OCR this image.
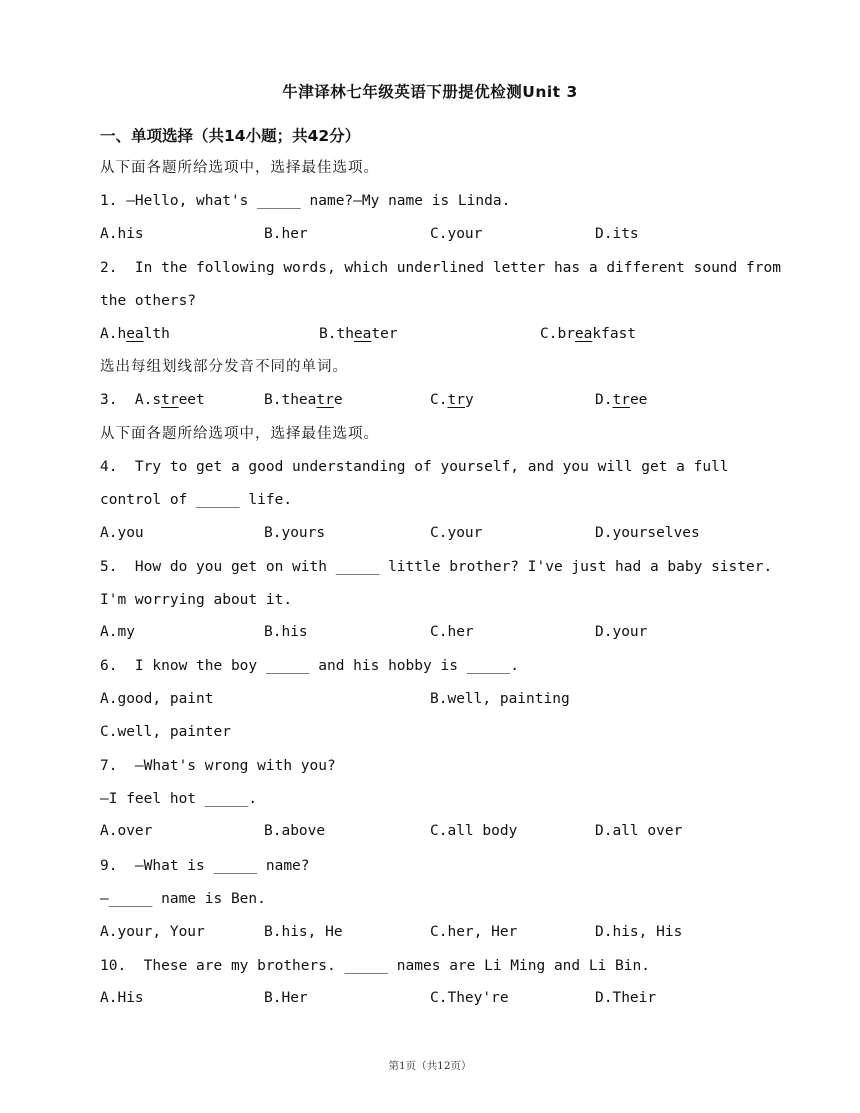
牛津译林七年级英语下册提优检测Unit 3
一、单项选择（共14小题；共42分）
从下面各题所给选项中，选择最佳选项。
1. —Hello, what's _____ name?—My name is Linda.
A.his	B.her	C.your	D.its
2.  In the following words, which underlined letter has a different sound from
the others?
A.health	B.theater	C.breakfast
选出每组划线部分发音不同的单词。
3.  A.street	B.theatre	C.try	D.tree
从下面各题所给选项中，选择最佳选项。
4.  Try to get a good understanding of yourself, and you will get a full
control of _____ life.
A.you	B.yours	C.your	D.yourselves
5.  How do you get on with _____ little brother? I've just had a baby sister.
I'm worrying about it.
A.my	B.his	C.her	D.your
6.  I know the boy _____ and his hobby is _____.
A.good, paint	B.well, painting
C.well, painter
7.  —What's wrong with you?
—I feel hot _____.
A.over	B.above	C.all body	D.all over
9.  —What is _____ name?
—_____ name is Ben.
A.your, Your	B.his, He	C.her, Her	D.his, His
10.  These are my brothers. _____ names are Li Ming and Li Bin.
A.His	B.Her	C.They're	D.Their
第1页（共12页）
